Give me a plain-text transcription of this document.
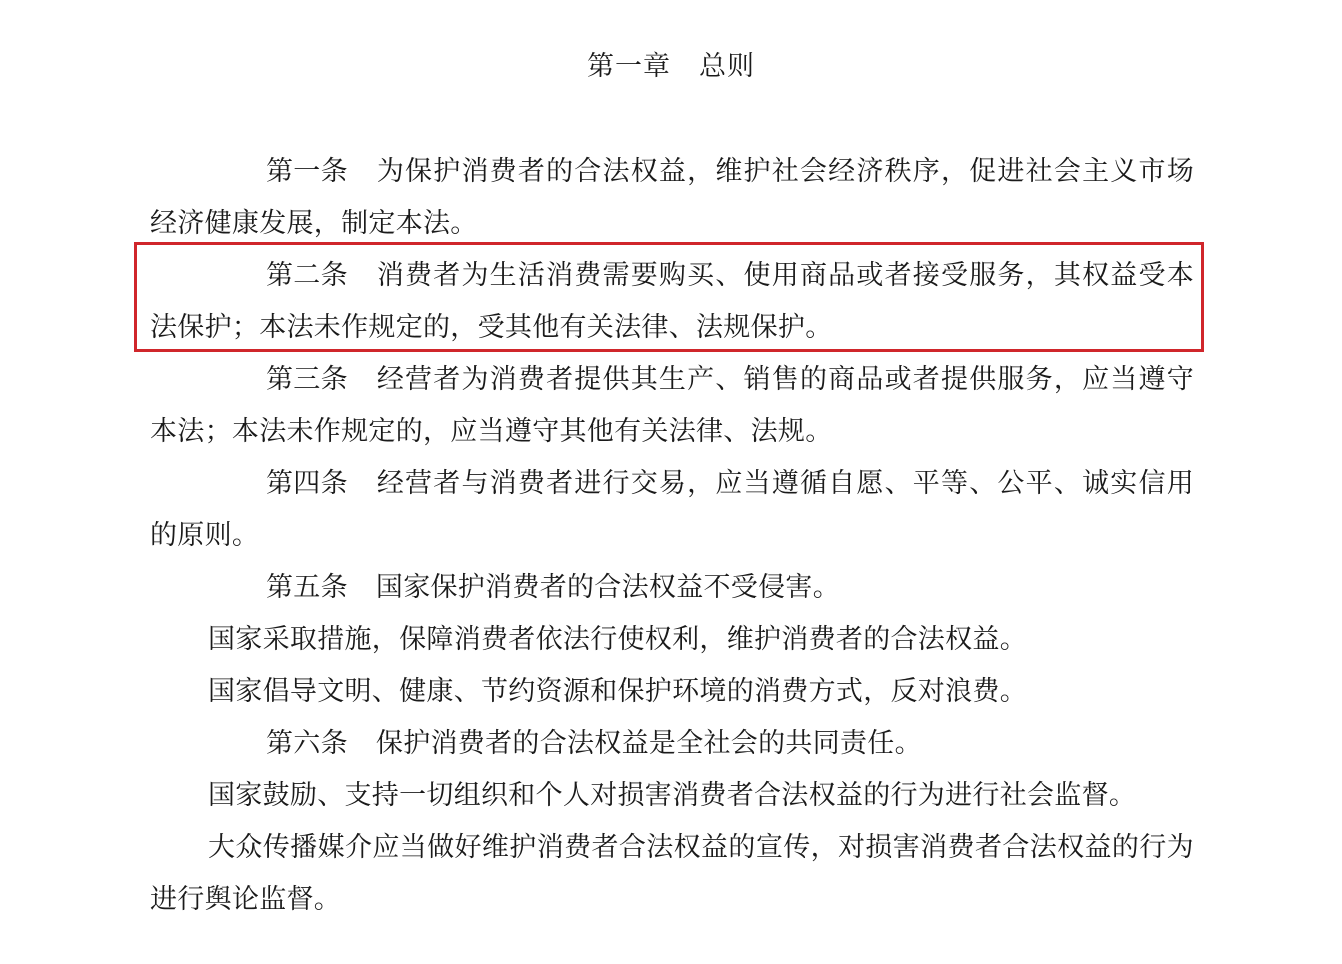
第一章　总则

第一条 为保护消费者的合法权益，维护社会经济秩序，促进社会主义市场经济健康发展，制定本法。

第二条 消费者为生活消费需要购买、使用商品或者接受服务，其权益受本法保护；本法未作规定的，受其他有关法律、法规保护。

第三条 经营者为消费者提供其生产、销售的商品或者提供服务，应当遵守本法；本法未作规定的，应当遵守其他有关法律、法规。

第四条 经营者与消费者进行交易，应当遵循自愿、平等、公平、诚实信用的原则。

第五条 国家保护消费者的合法权益不受侵害。

国家采取措施，保障消费者依法行使权利，维护消费者的合法权益。

国家倡导文明、健康、节约资源和保护环境的消费方式，反对浪费。

第六条 保护消费者的合法权益是全社会的共同责任。

国家鼓励、支持一切组织和个人对损害消费者合法权益的行为进行社会监督。

大众传播媒介应当做好维护消费者合法权益的宣传，对损害消费者合法权益的行为进行舆论监督。
